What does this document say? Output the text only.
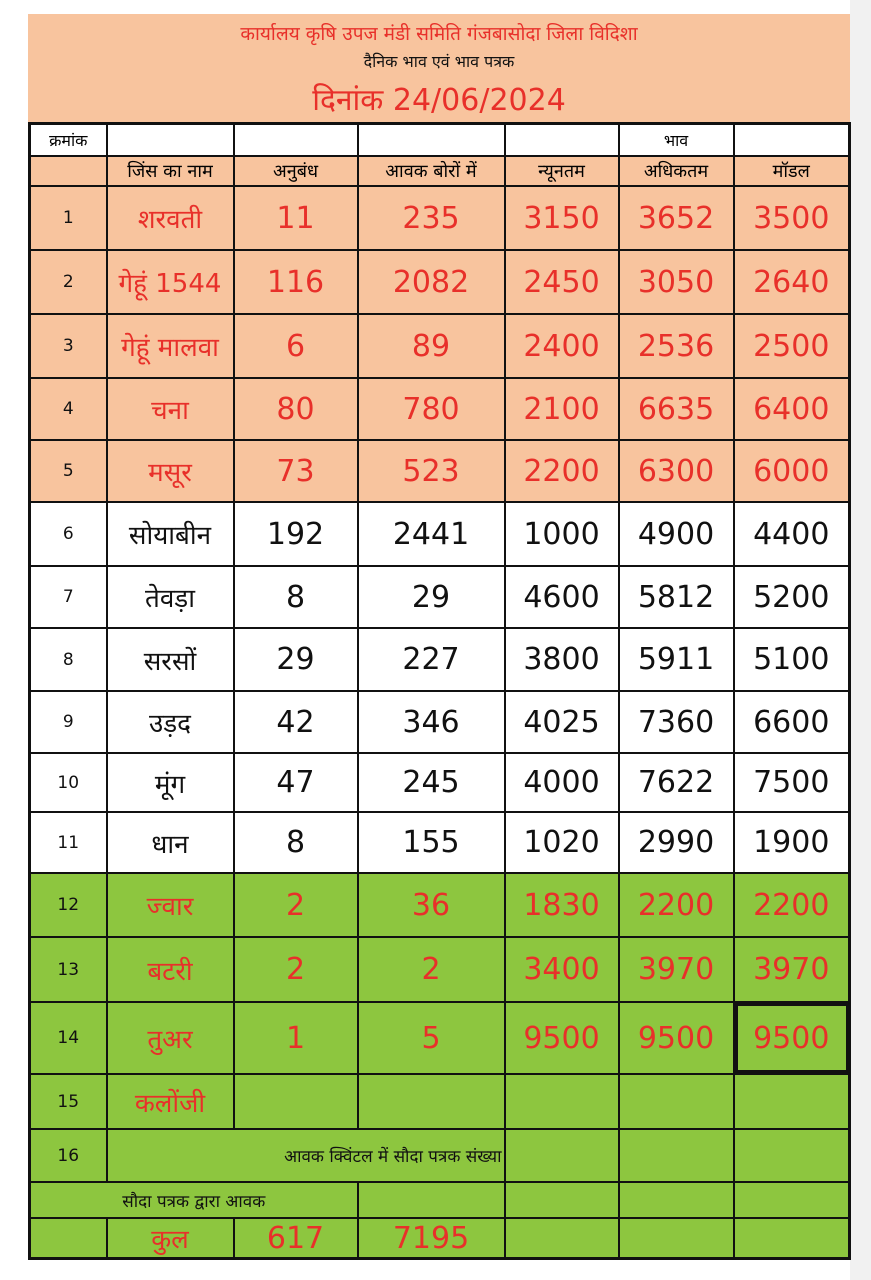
कार्यालय कृषि उपज मंडी समिति गंजबासोदा जिला विदिशा
दैनिक भाव एवं भाव पत्रक
दिनांक 24/06/2024
क्रमांक					भाव	
	जिंस का नाम	अनुबंध	आवक बोरों में	न्यूनतम	अधिकतम	मॉडल
1	शरवती	11	235	3150	3652	3500
2	गेहूं 1544	116	2082	2450	3050	2640
3	गेहूं मालवा	6	89	2400	2536	2500
4	चना	80	780	2100	6635	6400
5	मसूर	73	523	2200	6300	6000
6	सोयाबीन	192	2441	1000	4900	4400
7	तेवड़ा	8	29	4600	5812	5200
8	सरसों	29	227	3800	5911	5100
9	उड़द	42	346	4025	7360	6600
10	मूंग	47	245	4000	7622	7500
11	धान	8	155	1020	2990	1900
12	ज्वार	2	36	1830	2200	2200
13	बटरी	2	2	3400	3970	3970
14	तुअर	1	5	9500	9500	9500
15	कलोंजी					
16	आवक क्विंटल में सौदा पत्रक संख्या					
सौदा पत्रक द्वारा आवक						
	कुल	617	7195			
